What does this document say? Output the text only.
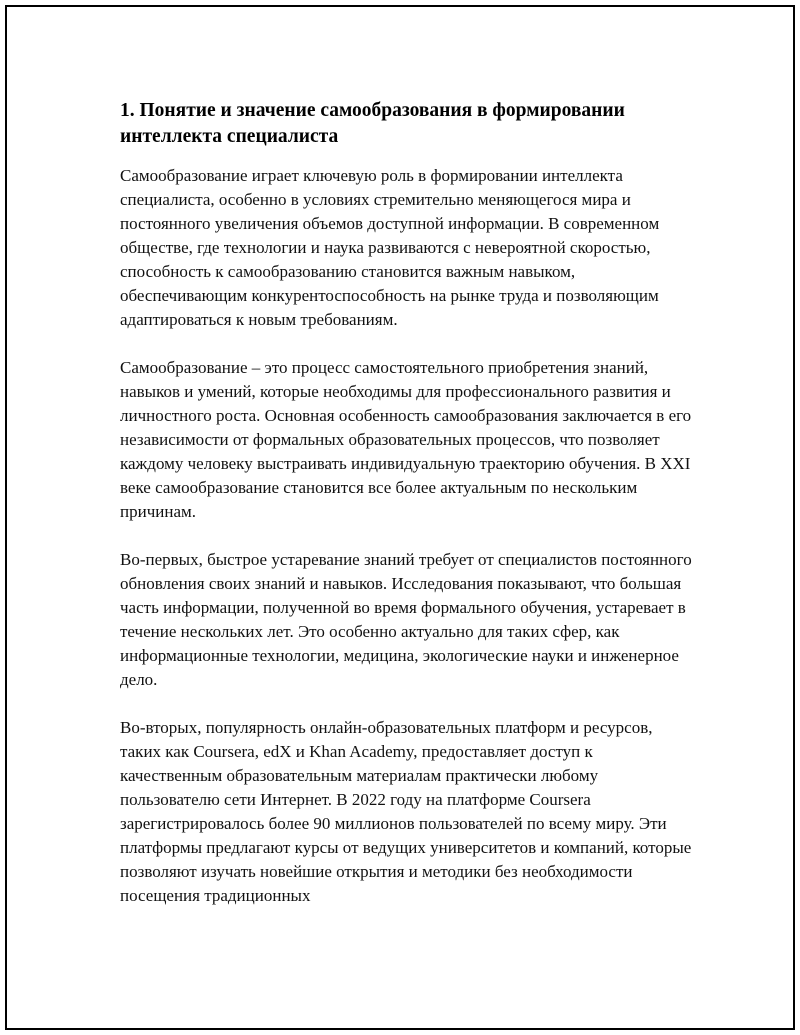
1. Понятие и значение самообразования в формировании интеллекта специалиста

Самообразование играет ключевую роль в формировании интеллекта специалиста, особенно в условиях стремительно меняющегося мира и постоянного увеличения объемов доступной информации. В современном обществе, где технологии и наука развиваются с невероятной скоростью, способность к самообразованию становится важным навыком, обеспечивающим конкурентоспособность на рынке труда и позволяющим адаптироваться к новым требованиям.

Самообразование – это процесс самостоятельного приобретения знаний, навыков и умений, которые необходимы для профессионального развития и личностного роста. Основная особенность самообразования заключается в его независимости от формальных образовательных процессов, что позволяет каждому человеку выстраивать индивидуальную траекторию обучения. В XXI веке самообразование становится все более актуальным по нескольким причинам.

Во-первых, быстрое устаревание знаний требует от специалистов постоянного обновления своих знаний и навыков. Исследования показывают, что большая часть информации, полученной во время формального обучения, устаревает в течение нескольких лет. Это особенно актуально для таких сфер, как информационные технологии, медицина, экологические науки и инженерное дело.

Во-вторых, популярность онлайн-образовательных платформ и ресурсов, таких как Coursera, edX и Khan Academy, предоставляет доступ к качественным образовательным материалам практически любому пользователю сети Интернет. В 2022 году на платформе Coursera зарегистрировалось более 90 миллионов пользователей по всему миру. Эти платформы предлагают курсы от ведущих университетов и компаний, которые позволяют изучать новейшие открытия и методики без необходимости посещения традиционных
